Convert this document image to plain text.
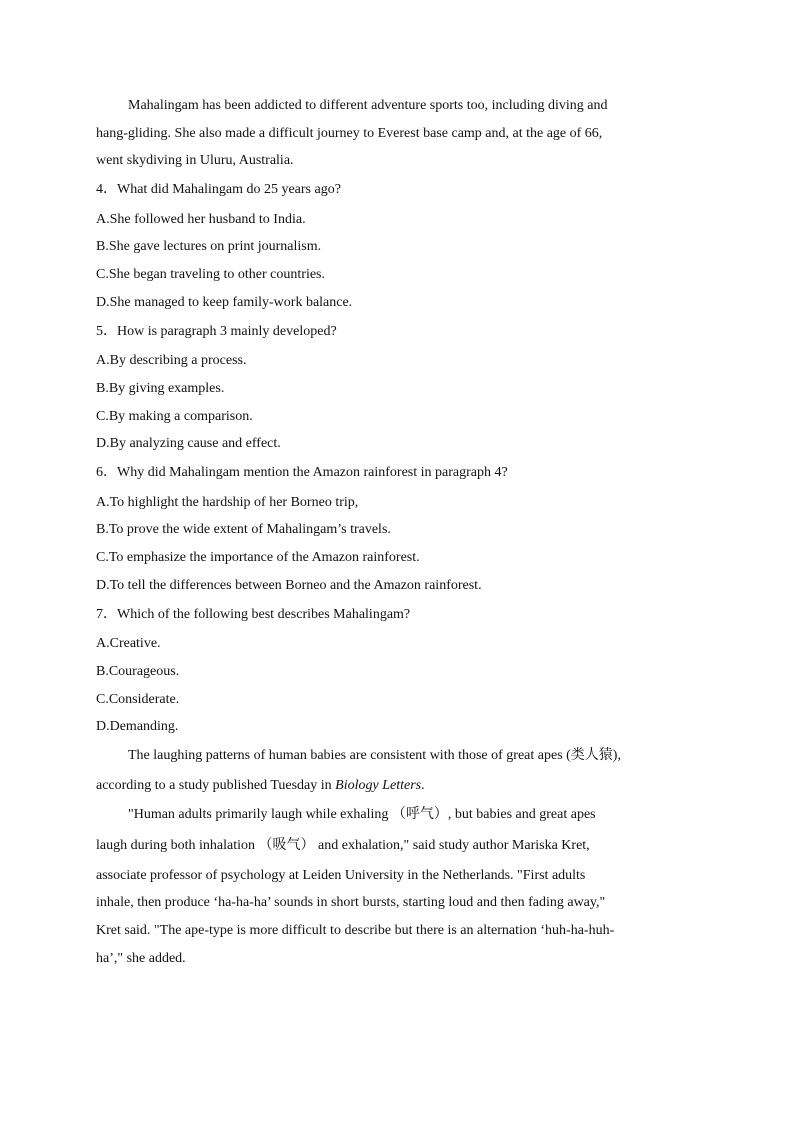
Mahalingam has been addicted to different adventure sports too, including diving and
hang-gliding. She also made a difficult journey to Everest base camp and, at the age of 66,
went skydiving in Uluru, Australia.
4．What did Mahalingam do 25 years ago?
A.She followed her husband to India.
B.She gave lectures on print journalism.
C.She began traveling to other countries.
D.She managed to keep family-work balance.
5．How is paragraph 3 mainly developed?
A.By describing a process.
B.By giving examples.
C.By making a comparison.
D.By analyzing cause and effect.
6．Why did Mahalingam mention the Amazon rainforest in paragraph 4?
A.To highlight the hardship of her Borneo trip,
B.To prove the wide extent of Mahalingam’s travels.
C.To emphasize the importance of the Amazon rainforest.
D.To tell the differences between Borneo and the Amazon rainforest.
7．Which of the following best describes Mahalingam?
A.Creative.
B.Courageous.
C.Considerate.
D.Demanding.
The laughing patterns of human babies are consistent with those of great apes (类人猿),
according to a study published Tuesday in Biology Letters.
"Human adults primarily laugh while exhaling （呼气）, but babies and great apes
laugh during both inhalation （吸气） and exhalation," said study author Mariska Kret,
associate professor of psychology at Leiden University in the Netherlands. "First adults
inhale, then produce ‘ha-ha-ha’ sounds in short bursts, starting loud and then fading away,"
Kret said. "The ape-type is more difficult to describe but there is an alternation ‘huh-ha-huh-
ha’," she added.
